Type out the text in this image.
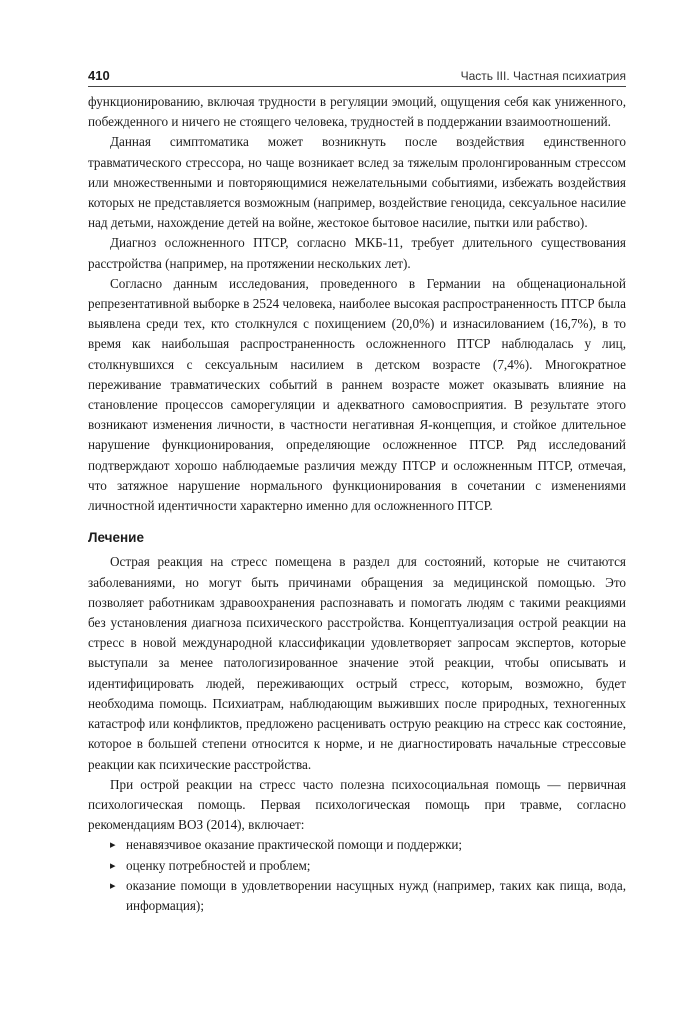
410	Часть III. Частная психиатрия

функционированию, включая трудности в регуляции эмоций, ощущения себя как униженного, побежденного и ничего не стоящего человека, трудностей в поддержании взаимоотношений.

Данная симптоматика может возникнуть после воздействия единственного травматического стрессора, но чаще возникает вслед за тяжелым пролонгированным стрессом или множественными и повторяющимися нежелательными событиями, избежать воздействия которых не представляется возможным (например, воздействие геноцида, сексуальное насилие над детьми, нахождение детей на войне, жестокое бытовое насилие, пытки или рабство).

Диагноз осложненного ПТСР, согласно МКБ-11, требует длительного существования расстройства (например, на протяжении нескольких лет).

Согласно данным исследования, проведенного в Германии на общенациональной репрезентативной выборке в 2524 человека, наиболее высокая распространенность ПТСР была выявлена среди тех, кто столкнулся с похищением (20,0%) и изнасилованием (16,7%), в то время как наибольшая распространенность осложненного ПТСР наблюдалась у лиц, столкнувшихся с сексуальным насилием в детском возрасте (7,4%). Многократное переживание травматических событий в раннем возрасте может оказывать влияние на становление процессов саморегуляции и адекватного самовосприятия. В результате этого возникают изменения личности, в частности негативная Я-концепция, и стойкое длительное нарушение функционирования, определяющие осложненное ПТСР. Ряд исследований подтверждают хорошо наблюдаемые различия между ПТСР и осложненным ПТСР, отмечая, что затяжное нарушение нормального функционирования в сочетании с изменениями личностной идентичности характерно именно для осложненного ПТСР.

Лечение

Острая реакция на стресс помещена в раздел для состояний, которые не считаются заболеваниями, но могут быть причинами обращения за медицинской помощью. Это позволяет работникам здравоохранения распознавать и помогать людям с такими реакциями без установления диагноза психического расстройства. Концептуализация острой реакции на стресс в новой международной классификации удовлетворяет запросам экспертов, которые выступали за менее патологизированное значение этой реакции, чтобы описывать и идентифицировать людей, переживающих острый стресс, которым, возможно, будет необходима помощь. Психиатрам, наблюдающим выживших после природных, техногенных катастроф или конфликтов, предложено расценивать острую реакцию на стресс как состояние, которое в большей степени относится к норме, и не диагностировать начальные стрессовые реакции как психические расстройства.

При острой реакции на стресс часто полезна психосоциальная помощь — первичная психологическая помощь. Первая психологическая помощь при травме, согласно рекомендациям ВОЗ (2014), включает:

▸ ненавязчивое оказание практической помощи и поддержки;
▸ оценку потребностей и проблем;
▸ оказание помощи в удовлетворении насущных нужд (например, таких как пища, вода, информация);
